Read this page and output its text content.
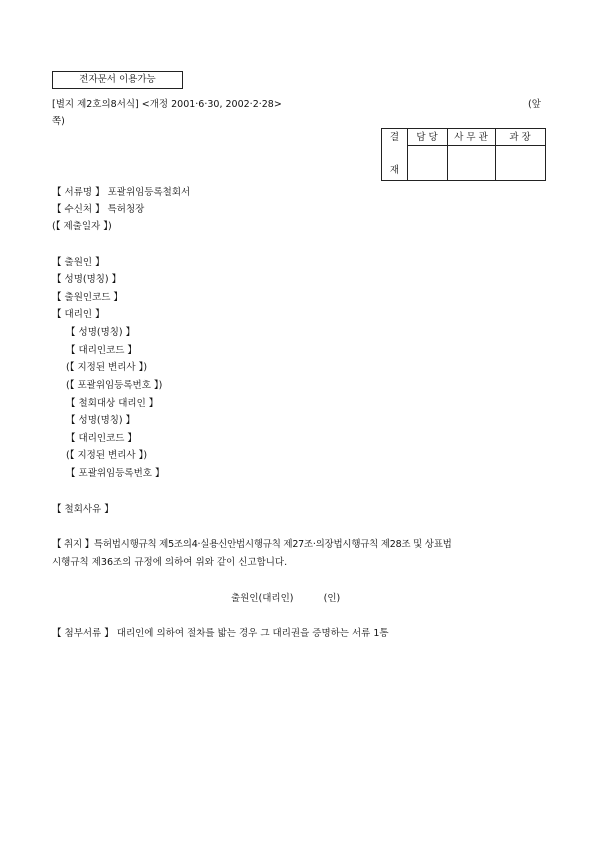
전자문서 이용가능
[별지 제2호의8서식] <개정 2001·6·30, 2002·2·28>	(앞
쪽)
결
재
담 당	사 무 관	과 장
【 서류명 】 포괄위임등록철회서
【 수신처 】 특허청장
(【 제출일자 】)
【 출원인 】
【 성명(명칭) 】
【 출원인코드 】
【 대리인 】
【 성명(명칭) 】
【 대리인코드 】
(【 지정된 변리사 】)
(【 포괄위임등록번호 】)
【 철회대상 대리인 】
【 성명(명칭) 】
【 대리인코드 】
(【 지정된 변리사 】)
【 포괄위임등록번호 】
【 철회사유 】
【 취지 】특허법시행규칙 제5조의4·실용신안법시행규칙 제27조·의장법시행규칙 제28조 및 상표법
시행규칙 제36조의 규정에 의하여 위와 같이 신고합니다.
출원인(대리인)          (인)
【 첨부서류 】 대리인에 의하여 절차를 밟는 경우 그 대리권을 증명하는 서류 1통
